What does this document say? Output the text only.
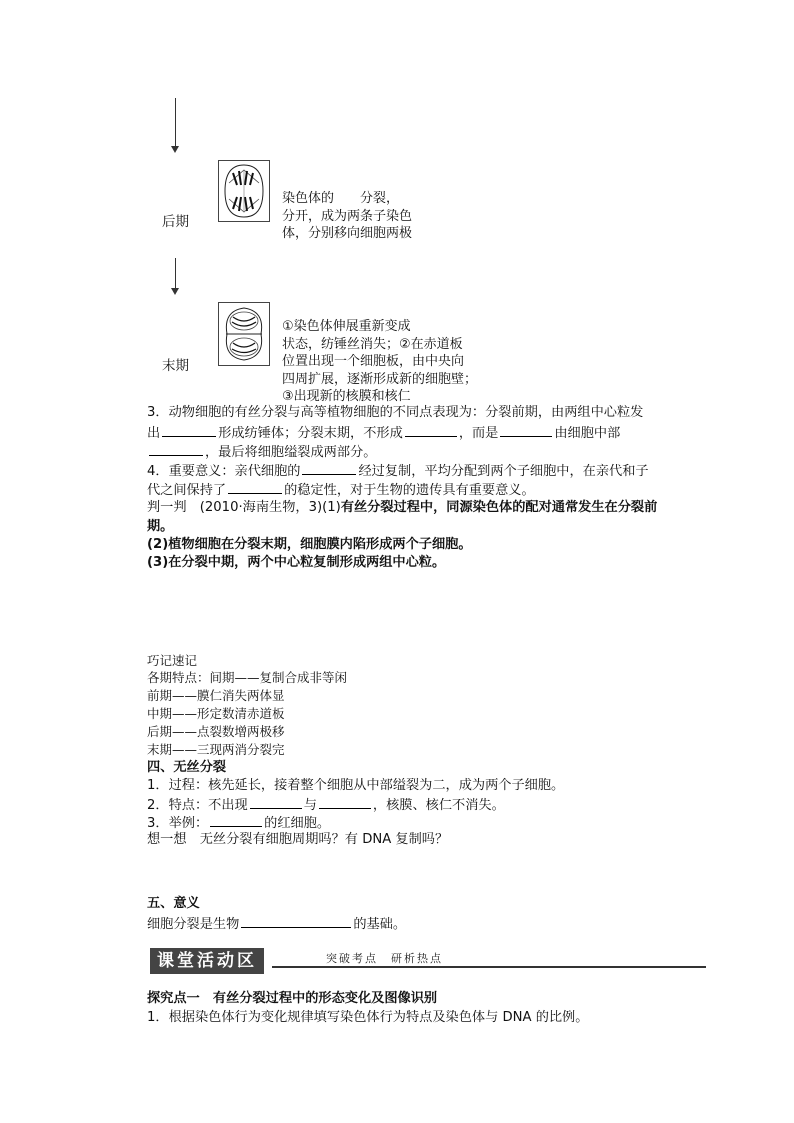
后期
染色体的　　分裂，
分开，成为两条子染色
体，分别移向细胞两极
末期
①染色体伸展重新变成
状态，纺锤丝消失；②在赤道板
位置出现一个细胞板，由中央向
四周扩展，逐渐形成新的细胞壁；
③出现新的核膜和核仁
3．动物细胞的有丝分裂与高等植物细胞的不同点表现为：分裂前期，由两组中心粒发
出	形成纺锤体；分裂末期，不形成	，而是	由细胞中部
，最后将细胞缢裂成两部分。
4．重要意义：亲代细胞的	经过复制，平均分配到两个子细胞中，在亲代和子
代之间保持了	的稳定性，对于生物的遗传具有重要意义。
判一判　(2010·海南生物，3)(1)有丝分裂过程中，同源染色体的配对通常发生在分裂前
期。
(2)植物细胞在分裂末期，细胞膜内陷形成两个子细胞。
(3)在分裂中期，两个中心粒复制形成两组中心粒。
巧记速记
各期特点：间期——复制合成非等闲
前期——膜仁消失两体显
中期——形定数清赤道板
后期——点裂数增两极移
末期——三现两消分裂完
四、无丝分裂
1．过程：核先延长，接着整个细胞从中部缢裂为二，成为两个子细胞。
2．特点：不出现	与	，核膜、核仁不消失。
3．举例：	的红细胞。
想一想　无丝分裂有细胞周期吗？有 DNA 复制吗？
五、意义
细胞分裂是生物	的基础。
课堂活动区	突破考点　研析热点
探究点一　有丝分裂过程中的形态变化及图像识别
1．根据染色体行为变化规律填写染色体行为特点及染色体与 DNA 的比例。
